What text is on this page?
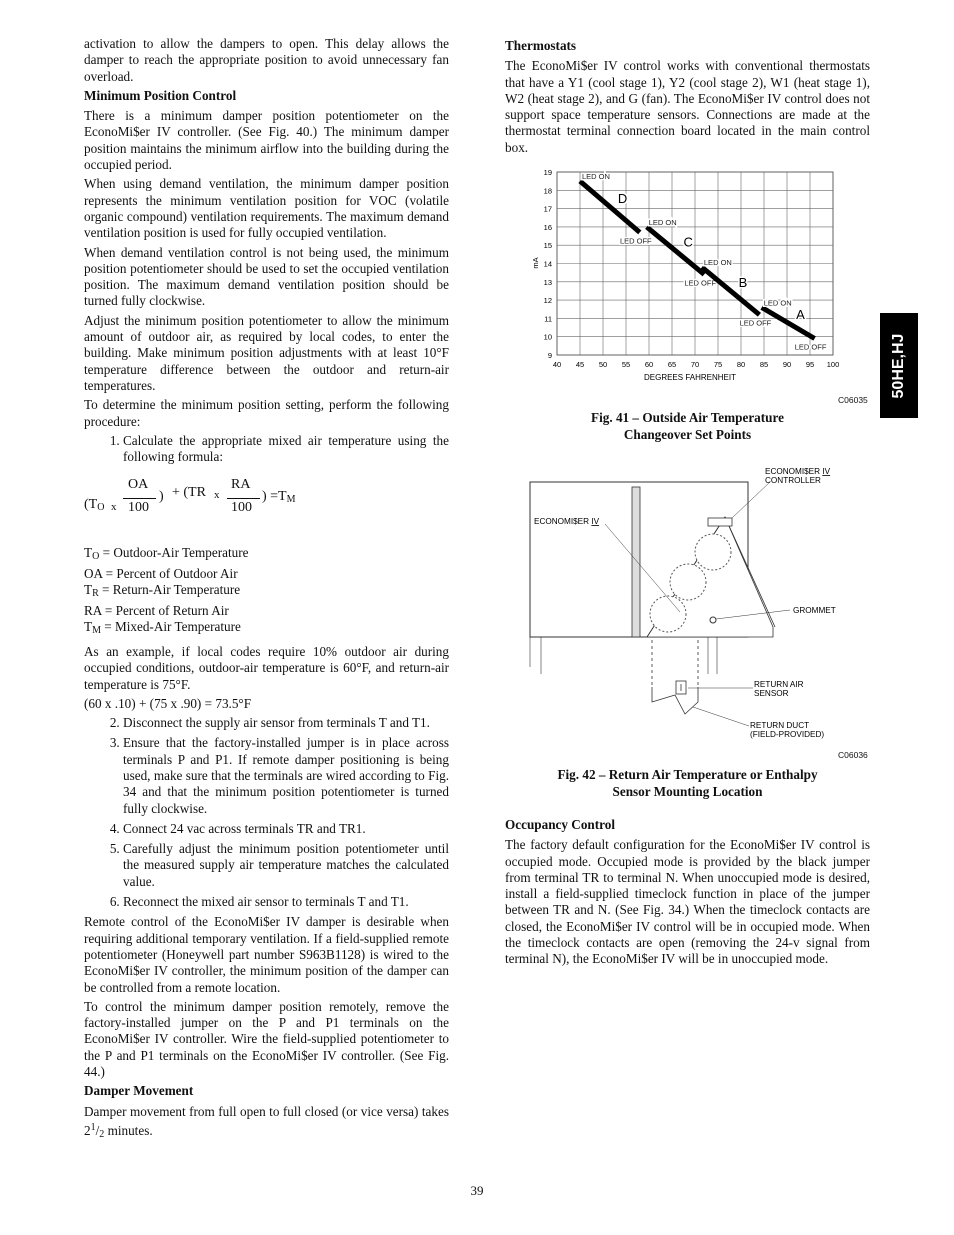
activation to allow the dampers to open. This delay allows the damper to reach the appropriate position to avoid unnecessary fan overload.

Minimum Position Control

There is a minimum damper position potentiometer on the EconoMi$er IV controller. (See Fig. 40.) The minimum damper position maintains the minimum airflow into the building during the occupied period.

When using demand ventilation, the minimum damper position represents the minimum ventilation position for VOC (volatile organic compound) ventilation requirements. The maximum demand ventilation position is used for fully occupied ventilation.

When demand ventilation control is not being used, the minimum position potentiometer should be used to set the occupied ventilation position. The maximum demand ventilation position should be turned fully clockwise.

Adjust the minimum position potentiometer to allow the minimum amount of outdoor air, as required by local codes, to enter the building. Make minimum position adjustments with at least 10°F temperature difference between the outdoor and return-air temperatures.

To determine the minimum position setting, perform the following procedure:

1. Calculate the appropriate mixed air temperature using the following formula:
($T_O$ x
OA
100
) + (TR x
RA
100
) $=T_M$
$T_O$ = Outdoor-Air Temperature
OA = Percent of Outdoor Air
$T_R$ = Return-Air Temperature
RA = Percent of Return Air
$T_M$ = Mixed-Air Temperature

As an example, if local codes require 10% outdoor air during occupied conditions, outdoor-air temperature is 60°F, and return-air temperature is 75°F.

(60 x .10) + (75 x .90) = 73.5°F

2. Disconnect the supply air sensor from terminals T and T1.
3. Ensure that the factory-installed jumper is in place across terminals P and P1. If remote damper positioning is being used, make sure that the terminals are wired according to Fig. 34 and that the minimum position potentiometer is turned fully clockwise.
4. Connect 24 vac across terminals TR and TR1.
5. Carefully adjust the minimum position potentiometer until the measured supply air temperature matches the calculated value.
6. Reconnect the mixed air sensor to terminals T and T1.

Remote control of the EconoMi$er IV damper is desirable when requiring additional temporary ventilation. If a field-supplied remote potentiometer (Honeywell part number S963B1128) is wired to the EconoMi$er IV controller, the minimum position of the damper can be controlled from a remote location.

To control the minimum damper position remotely, remove the factory-installed jumper on the P and P1 terminals on the EconoMi$er IV controller. Wire the field-supplied potentiometer to the P and P1 terminals on the EconoMi$er IV controller. (See Fig. 44.)

Damper Movement

Damper movement from full open to full closed (or vice versa) takes $2^1/_2$ minutes.

Thermostats

The EconoMi$er IV control works with conventional thermostats that have a Y1 (cool stage 1), Y2 (cool stage 2), W1 (heat stage 1), W2 (heat stage 2), and G (fan). The EconoMi$er IV control does not support space temperature sensors. Connections are made at the thermostat terminal connection board located in the main control box.

40 45 50 55 60 65 70 75 80 85 90 95 100
9
10
11
12
13
14
15
16
17
18
19	LED ON
LED OFF
D
LED ON
LED OFF
C
LED ON
LED OFF
B
LED ON
LED OFF
A
DEGREES FAHRENHEIT
mA
C06035
Fig. 41 – Outside Air Temperature
Changeover Set Points
ECONOMI$ER IV
CONTROLLER
ECONOMI$ER IV
GROMMET
RETURN AIR
SENSOR
RETURN DUCT
(FIELD-PROVIDED)
C06036
Fig. 42 – Return Air Temperature or Enthalpy
Sensor Mounting Location
Occupancy Control

The factory default configuration for the EconoMi$er IV control is occupied mode. Occupied mode is provided by the black jumper from terminal TR to terminal N. When unoccupied mode is desired, install a field-supplied timeclock function in place of the jumper between TR and N. (See Fig. 34.) When the timeclock contacts are closed, the EconoMi$er IV control will be in occupied mode. When the timeclock contacts are open (removing the 24-v signal from terminal N), the EconoMi$er IV will be in unoccupied mode.

50HE,HJ
39
